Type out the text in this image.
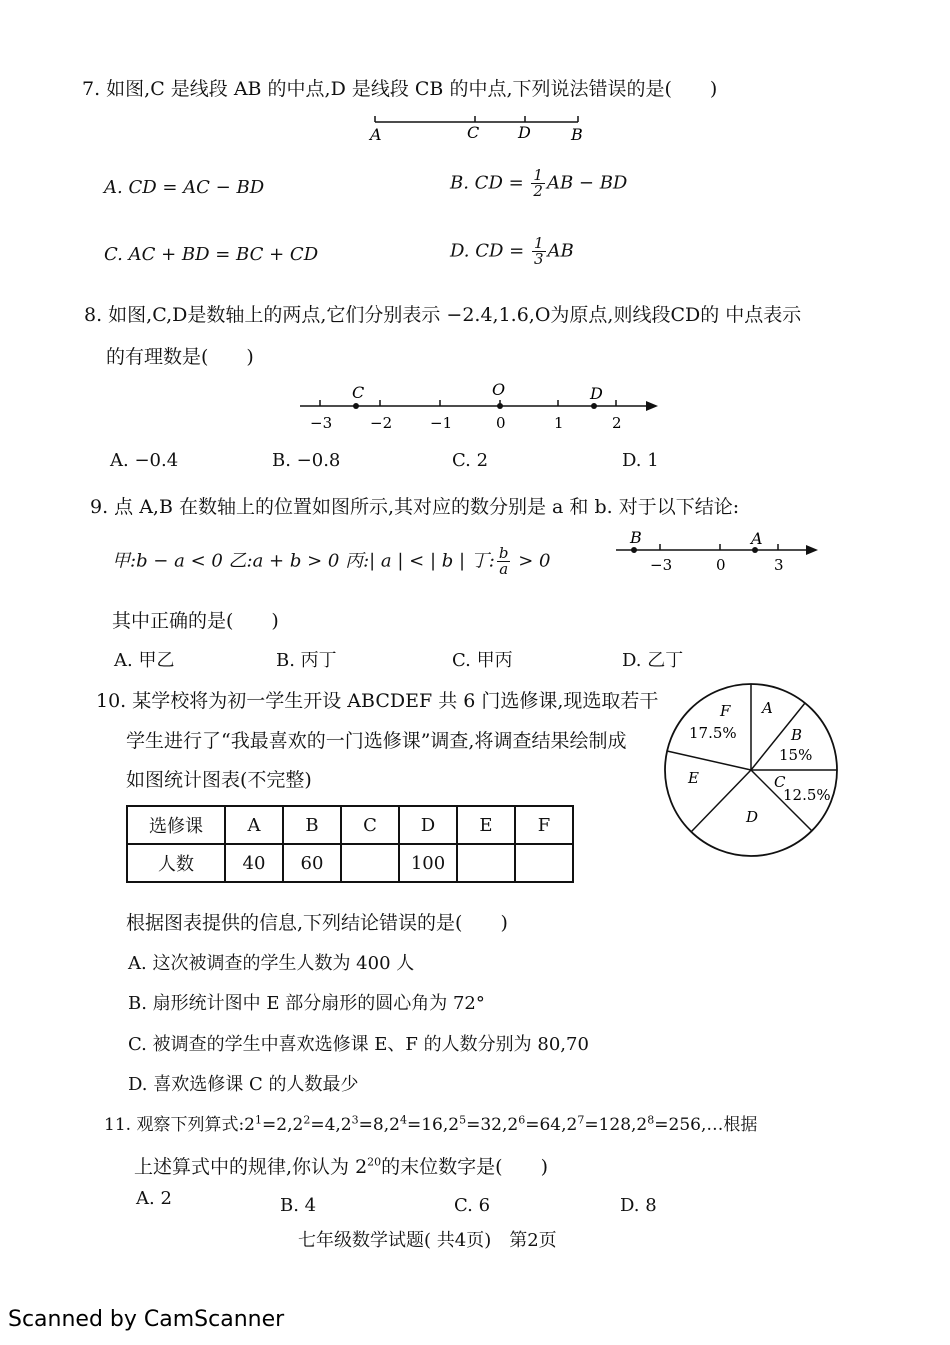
7. 如图,C 是线段 AB 的中点,D 是线段 CB 的中点,下列说法错误的是(　　)
A	C D	B
A. CD = AC − BD	B. CD = $\frac{1}{2}$ AB − BD
C. AC + BD = BC + CD	D. CD = $\frac{1}{3}$ AB
8. 如图,C,D是数轴上的两点,它们分别表示 −2.4,1.6,O为原点,则线段CD的 中点表示
的有理数是(　　)
−3	−2	−1	0	1	2
C	O	D
A. −0.4	B. −0.8	C. 2	D. 1
9. 点 A,B 在数轴上的位置如图所示,其对应的数分别是 a 和 b. 对于以下结论:
甲:b − a < 0 乙:a + b > 0 丙:| a | < | b | 丁: $\frac{b}{a} > 0$
B	A
−3	0	3
其中正确的是(　　)
A. 甲乙	B. 丙丁	C. 甲丙	D. 乙丁
10. 某学校将为初一学生开设 ABCDEF 共 6 门选修课,现选取若干
学生进行了“我最喜欢的一门选修课”调查,将调查结果绘制成
如图统计图表(不完整)
选修课	A	B	C	D	E	F
人数	40	60		100		
F
17.5%
A
B
15%
C
12.5%
D
E
根据图表提供的信息,下列结论错误的是(　　)
A. 这次被调查的学生人数为 400 人
B. 扇形统计图中 E 部分扇形的圆心角为 72°
C. 被调查的学生中喜欢选修课 E、F 的人数分别为 80,70
D. 喜欢选修课 C 的人数最少
11. 观察下列算式$:2^1=2,2^2=4,2^3=8,2^4=16,2^5=32,2^6=64,2^7=128,2^8=256,\dots$根据
上述算式中的规律,你认为 $2^{20}$的末位数字是(　　)
A. 2	B. 4	C. 6	D. 8
七年级数学试题( 共4页)　第2页
Scanned by CamScanner
